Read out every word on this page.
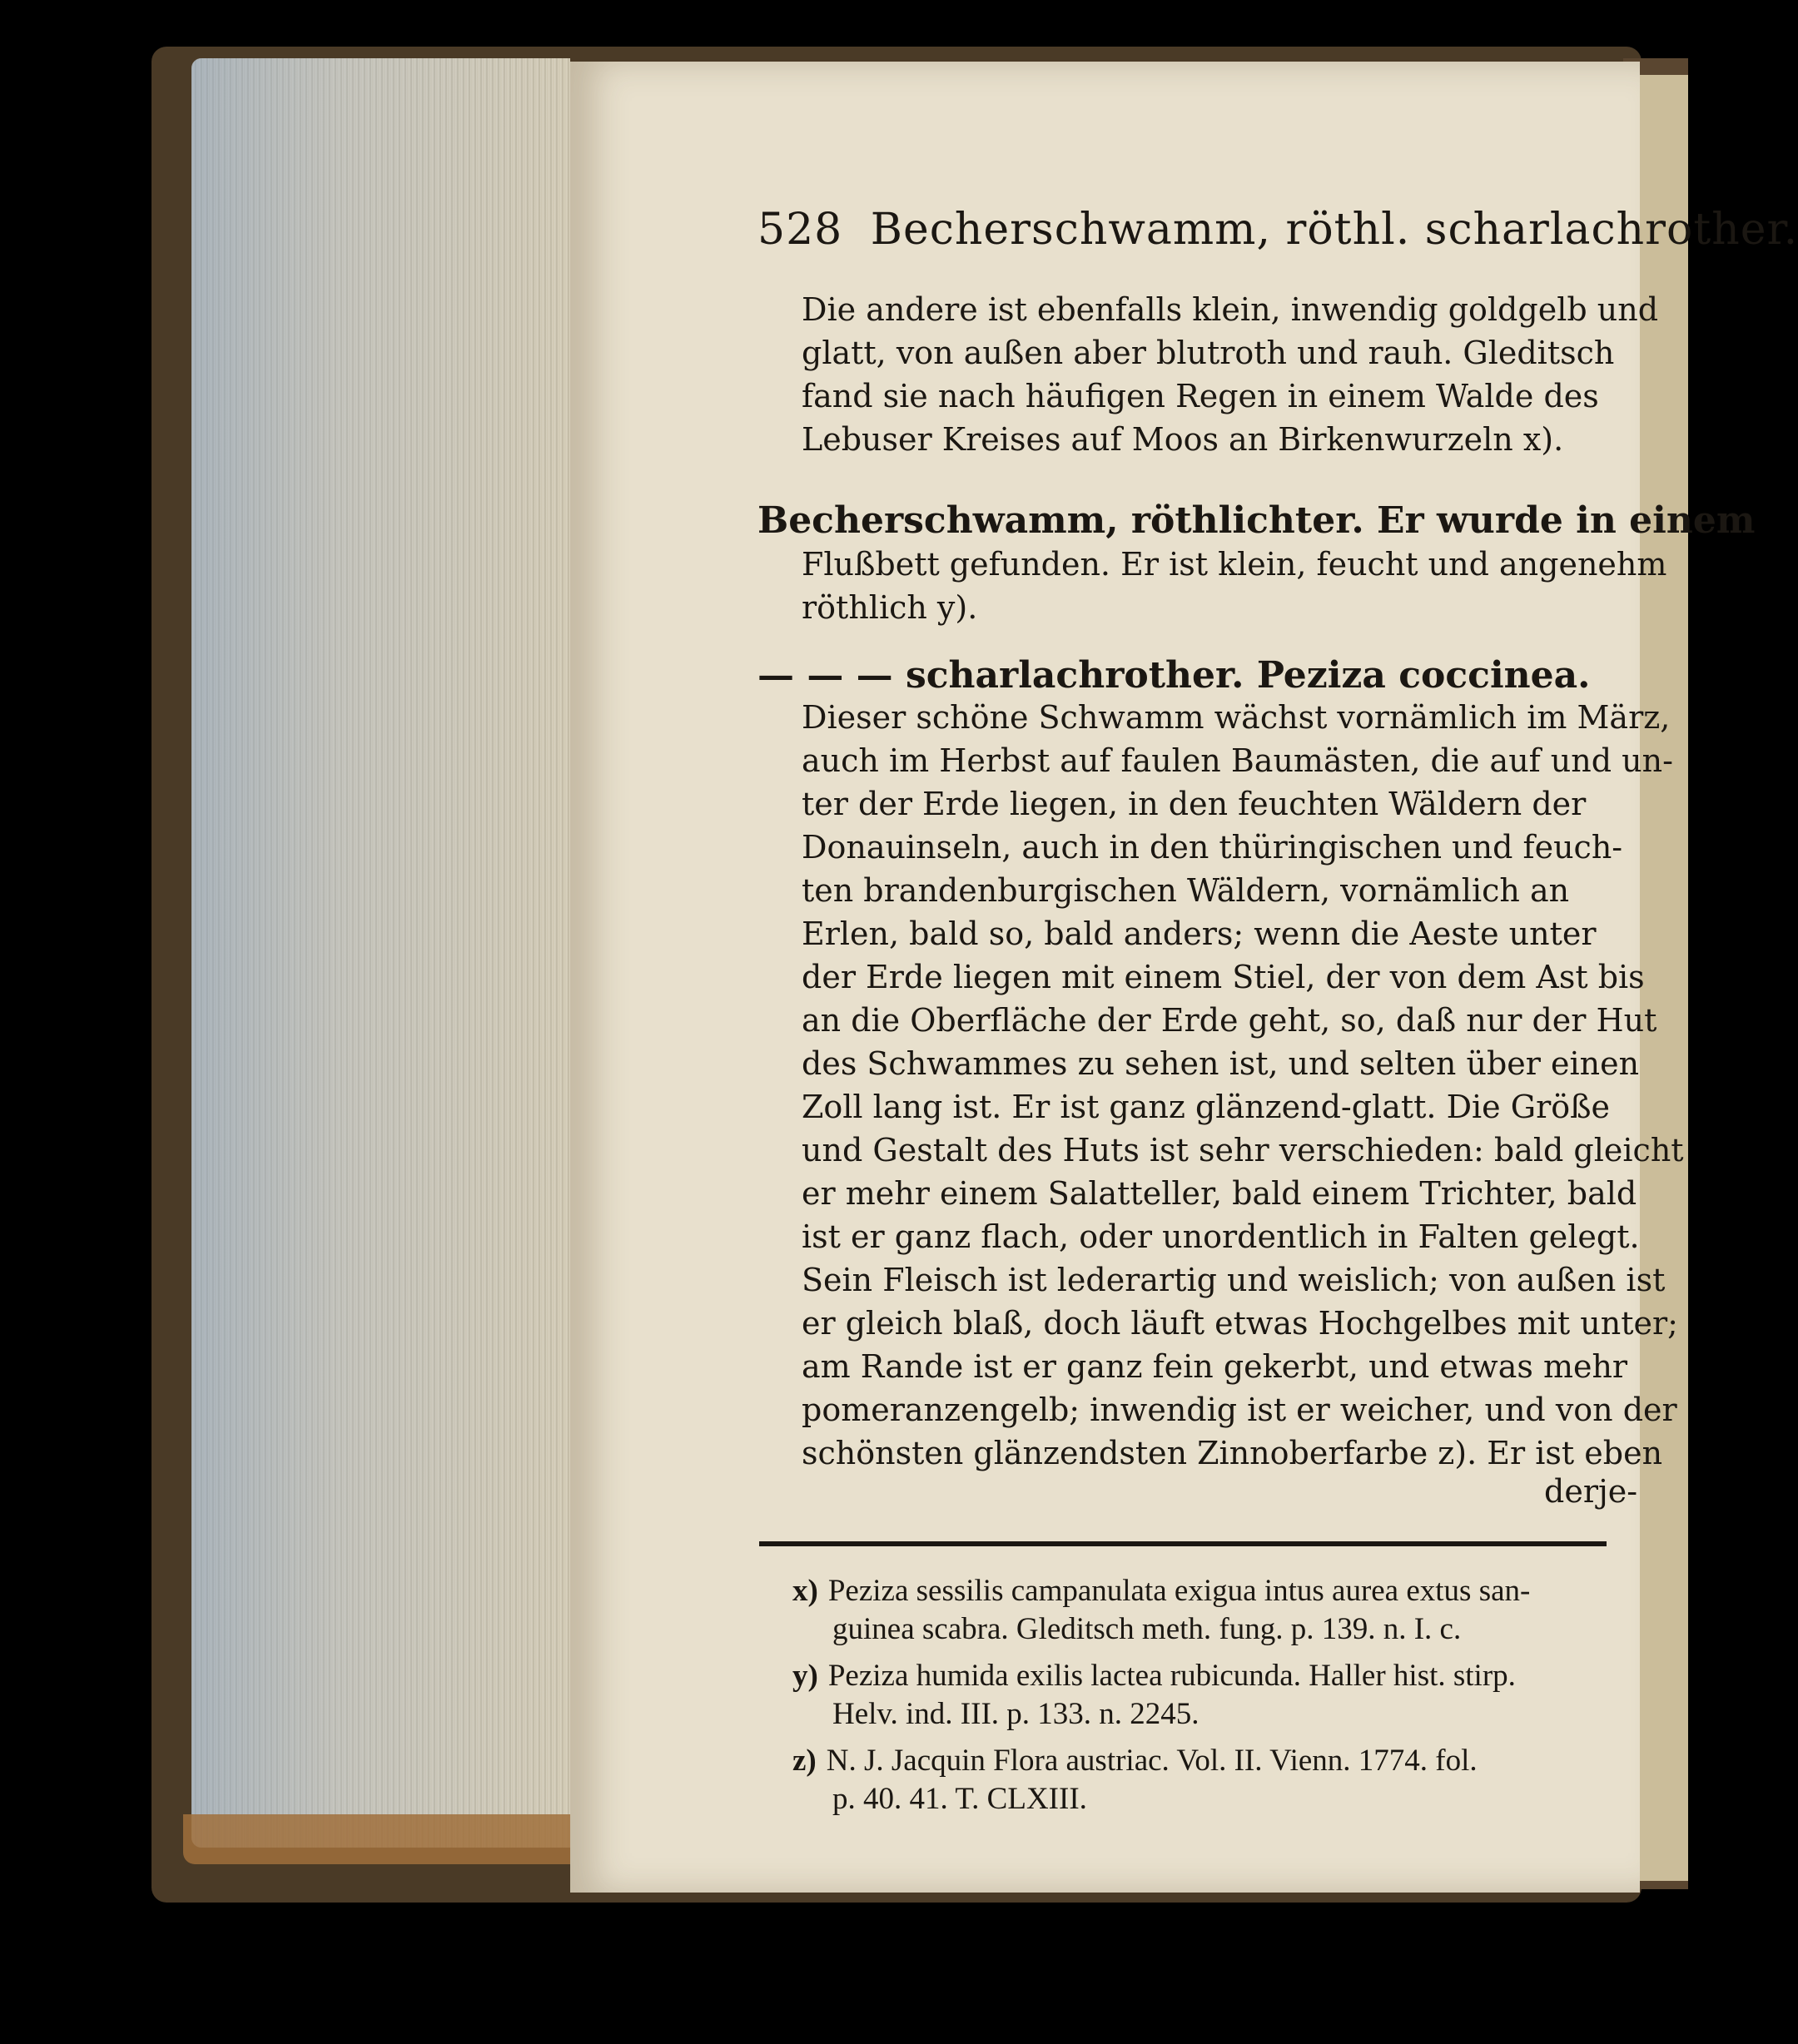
528 Becherschwamm, röthl. scharlachrother.
Die andere ist ebenfalls klein, inwendig goldgelb und
glatt, von außen aber blutroth und rauh. Gleditsch
fand sie nach häufigen Regen in einem Walde des
Lebuser Kreises auf Moos an Birkenwurzeln x).
Becherschwamm, röthlichter. Er wurde in einem
Flußbett gefunden. Er ist klein, feucht und angenehm
röthlich y).
— — — scharlachrother. Peziza coccinea.
Dieser schöne Schwamm wächst vornämlich im März,
auch im Herbst auf faulen Baumästen, die auf und un-
ter der Erde liegen, in den feuchten Wäldern der
Donauinseln, auch in den thüringischen und feuch-
ten brandenburgischen Wäldern, vornämlich an
Erlen, bald so, bald anders; wenn die Aeste unter
der Erde liegen mit einem Stiel, der von dem Ast bis
an die Oberfläche der Erde geht, so, daß nur der Hut
des Schwammes zu sehen ist, und selten über einen
Zoll lang ist. Er ist ganz glänzend-glatt. Die Größe
und Gestalt des Huts ist sehr verschieden: bald gleicht
er mehr einem Salatteller, bald einem Trichter, bald
ist er ganz flach, oder unordentlich in Falten gelegt.
Sein Fleisch ist lederartig und weislich; von außen ist
er gleich blaß, doch läuft etwas Hochgelbes mit unter;
am Rande ist er ganz fein gekerbt, und etwas mehr
pomeranzengelb; inwendig ist er weicher, und von der
schönsten glänzendsten Zinnoberfarbe z). Er ist eben
derje-
x) Peziza sessilis campanulata exigua intus aurea extus san-
guinea scabra. Gleditsch meth. fung. p. 139. n. I. c.
y) Peziza humida exilis lactea rubicunda. Haller hist. stirp.
Helv. ind. III. p. 133. n. 2245.
z) N. J. Jacquin Flora austriac. Vol. II. Vienn. 1774. fol.
p. 40. 41. T. CLXIII.
